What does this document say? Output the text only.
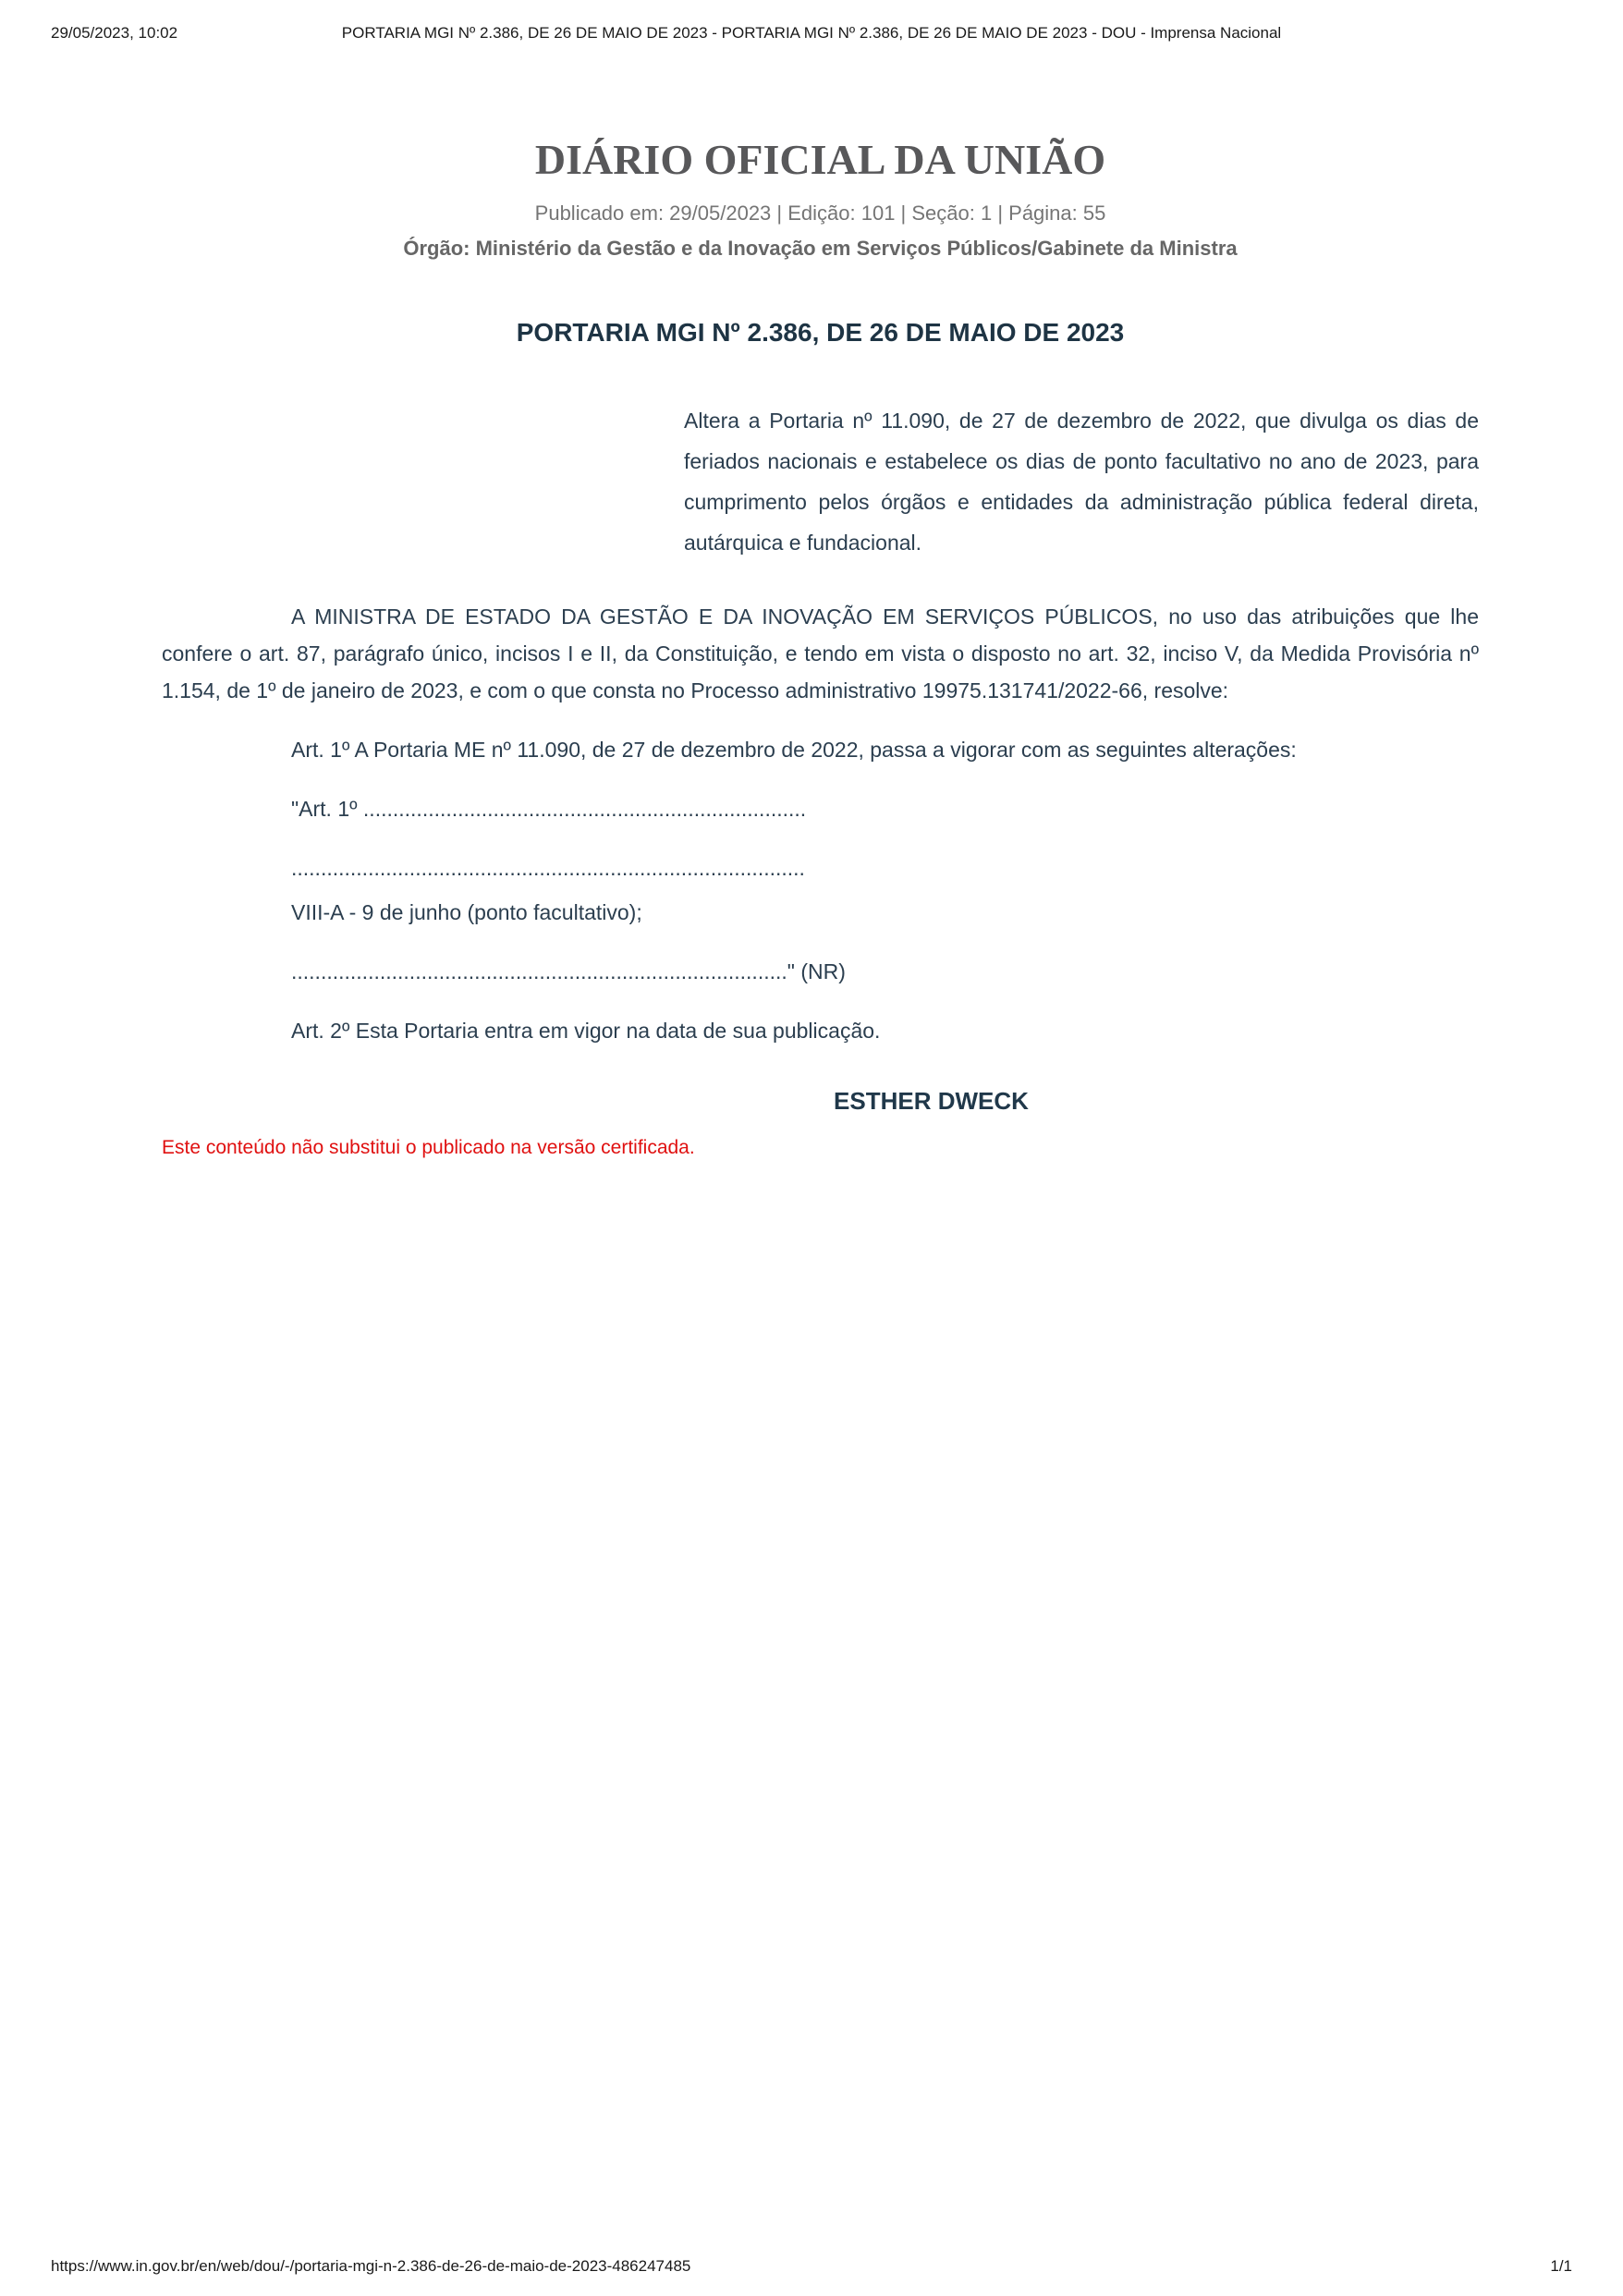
29/05/2023, 10:02	PORTARIA MGI Nº 2.386, DE 26 DE MAIO DE 2023 - PORTARIA MGI Nº 2.386, DE 26 DE MAIO DE 2023 - DOU - Imprensa Nacional
DIÁRIO OFICIAL DA UNIÃO
Publicado em: 29/05/2023 | Edição: 101 | Seção: 1 | Página: 55
Órgão: Ministério da Gestão e da Inovação em Serviços Públicos/Gabinete da Ministra
PORTARIA MGI Nº 2.386, DE 26 DE MAIO DE 2023

Altera a Portaria nº 11.090, de 27 de dezembro de 2022, que divulga os dias de feriados nacionais e estabelece os dias de ponto facultativo no ano de 2023, para cumprimento pelos órgãos e entidades da administração pública federal direta, autárquica e fundacional.

A MINISTRA DE ESTADO DA GESTÃO E DA INOVAÇÃO EM SERVIÇOS PÚBLICOS, no uso das atribuições que lhe confere o art. 87, parágrafo único, incisos I e II, da Constituição, e tendo em vista o disposto no art. 32, inciso V, da Medida Provisória nº 1.154, de 1º de janeiro de 2023, e com o que consta no Processo administrativo 19975.131741/2022-66, resolve:

Art. 1º A Portaria ME nº 11.090, de 27 de dezembro de 2022, passa a vigorar com as seguintes alterações:

"Art. 1º ...........................................................................

.......................................................................................

VIII-A - 9 de junho (ponto facultativo);

...................................................................................." (NR)

Art. 2º Esta Portaria entra em vigor na data de sua publicação.

ESTHER DWECK

Este conteúdo não substitui o publicado na versão certificada.

https://www.in.gov.br/en/web/dou/-/portaria-mgi-n-2.386-de-26-de-maio-de-2023-486247485	1/1
